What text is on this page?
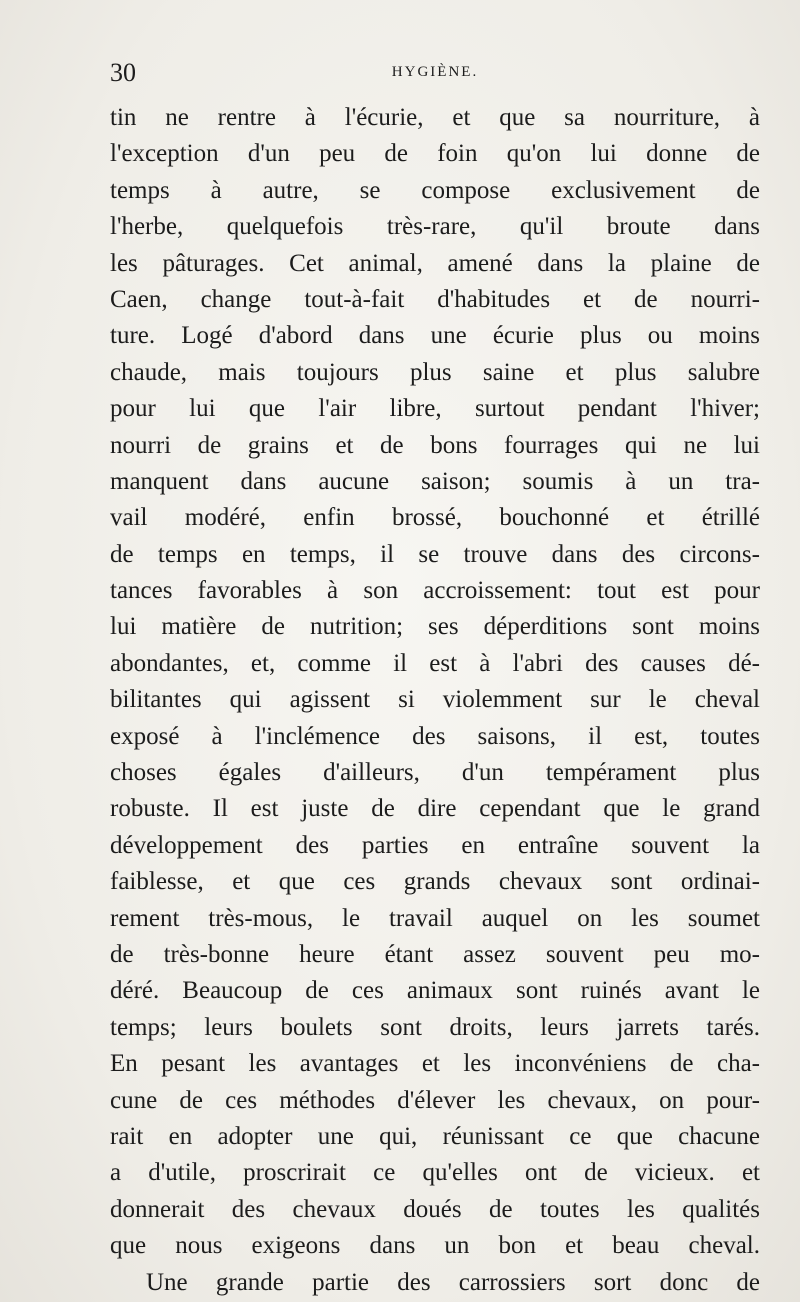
30	HYGIÈNE.
tin ne rentre à l'écurie, et que sa nourriture, à
l'exception d'un peu de foin qu'on lui donne de
temps à autre, se compose exclusivement de
l'herbe, quelquefois très-rare, qu'il broute dans
les pâturages. Cet animal, amené dans la plaine de
Caen, change tout-à-fait d'habitudes et de nourri-
ture. Logé d'abord dans une écurie plus ou moins
chaude, mais toujours plus saine et plus salubre
pour lui que l'air libre, surtout pendant l'hiver;
nourri de grains et de bons fourrages qui ne lui
manquent dans aucune saison; soumis à un tra-
vail modéré, enfin brossé, bouchonné et étrillé
de temps en temps, il se trouve dans des circons-
tances favorables à son accroissement: tout est pour
lui matière de nutrition; ses déperditions sont moins
abondantes, et, comme il est à l'abri des causes dé-
bilitantes qui agissent si violemment sur le cheval
exposé à l'inclémence des saisons, il est, toutes
choses égales d'ailleurs, d'un tempérament plus
robuste. Il est juste de dire cependant que le grand
développement des parties en entraîne souvent la
faiblesse, et que ces grands chevaux sont ordinai-
rement très-mous, le travail auquel on les soumet
de très-bonne heure étant assez souvent peu mo-
déré. Beaucoup de ces animaux sont ruinés avant le
temps; leurs boulets sont droits, leurs jarrets tarés.
En pesant les avantages et les inconvéniens de cha-
cune de ces méthodes d'élever les chevaux, on pour-
rait en adopter une qui, réunissant ce que chacune
a d'utile, proscrirait ce qu'elles ont de vicieux. et
donnerait des chevaux doués de toutes les qualités
que nous exigeons dans un bon et beau cheval.
Une grande partie des carrossiers sort donc de
